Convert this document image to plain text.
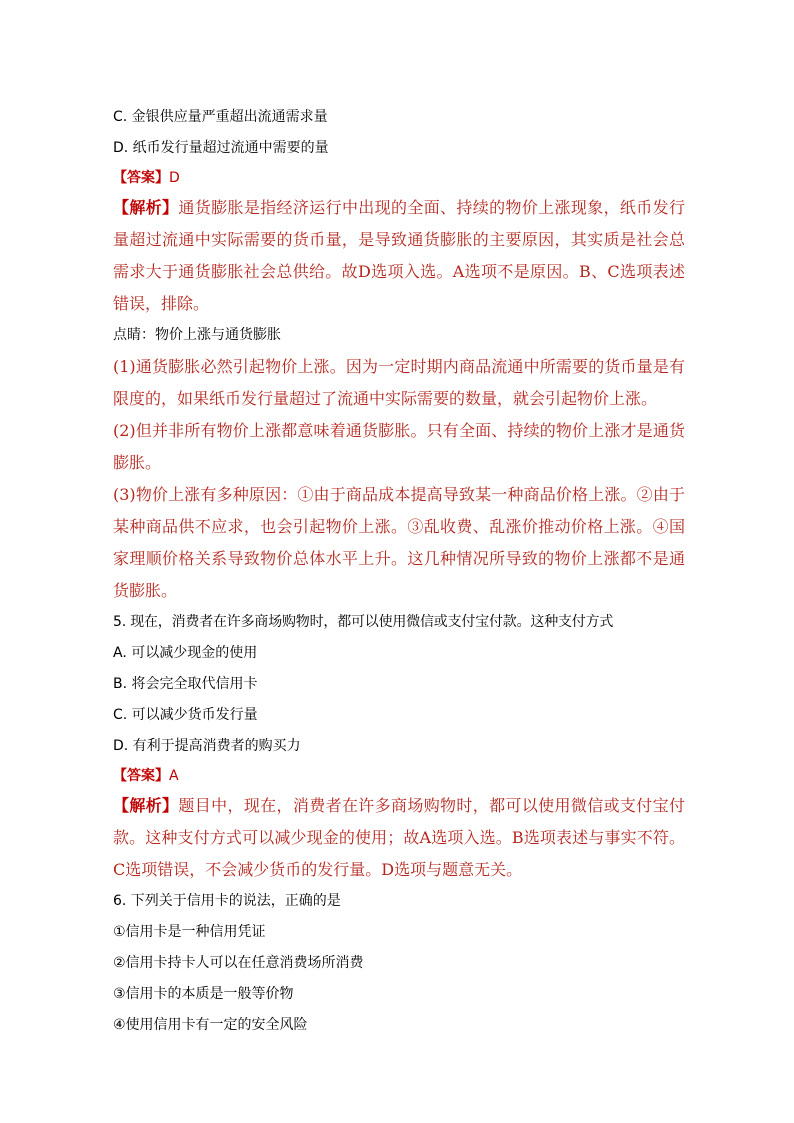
C. 金银供应量严重超出流通需求量
D. 纸币发行量超过流通中需要的量
【答案】D
【解析】通货膨胀是指经济运行中出现的全面、持续的物价上涨现象，纸币发行量超过流通中实际需要的货币量，是导致通货膨胀的主要原因，其实质是社会总需求大于通货膨胀社会总供给。故D选项入选。A选项不是原因。B、C选项表述错误，排除。
点睛：物价上涨与通货膨胀
(1)通货膨胀必然引起物价上涨。因为一定时期内商品流通中所需要的货币量是有限度的，如果纸币发行量超过了流通中实际需要的数量，就会引起物价上涨。
(2)但并非所有物价上涨都意味着通货膨胀。只有全面、持续的物价上涨才是通货膨胀。
(3)物价上涨有多种原因：①由于商品成本提高导致某一种商品价格上涨。②由于某种商品供不应求，也会引起物价上涨。③乱收费、乱涨价推动价格上涨。④国家理顺价格关系导致物价总体水平上升。这几种情况所导致的物价上涨都不是通货膨胀。
5. 现在，消费者在许多商场购物时，都可以使用微信或支付宝付款。这种支付方式
A. 可以减少现金的使用
B. 将会完全取代信用卡
C. 可以减少货币发行量
D. 有利于提高消费者的购买力
【答案】A
【解析】题目中，现在，消费者在许多商场购物时，都可以使用微信或支付宝付款。这种支付方式可以减少现金的使用；故A选项入选。B选项表述与事实不符。C选项错误，不会减少货币的发行量。D选项与题意无关。
6. 下列关于信用卡的说法，正确的是
①信用卡是一种信用凭证
②信用卡持卡人可以在任意消费场所消费
③信用卡的本质是一般等价物
④使用信用卡有一定的安全风险
